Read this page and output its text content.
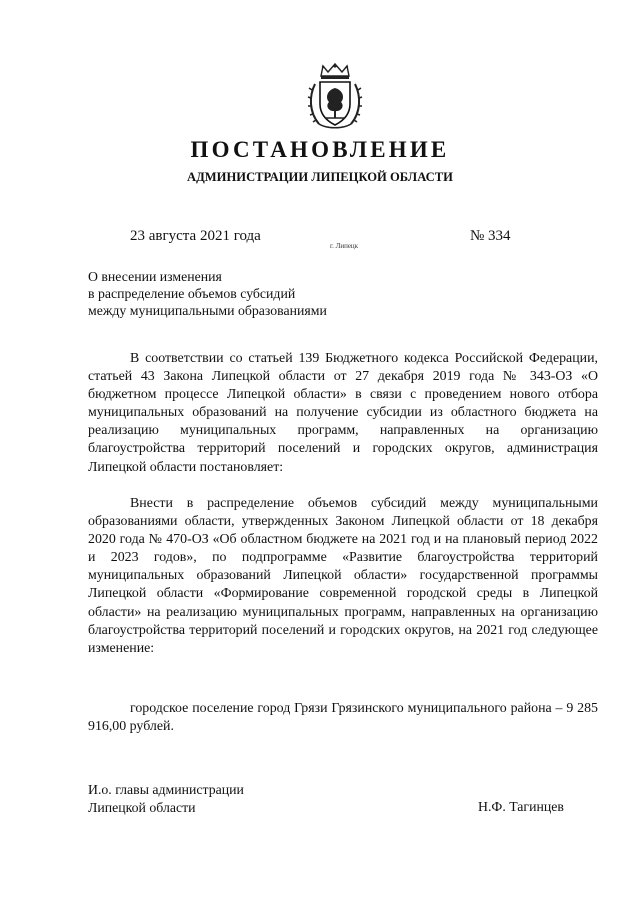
ПОСТАНОВЛЕНИЕ
АДМИНИСТРАЦИИ ЛИПЕЦКОЙ ОБЛАСТИ
23 августа 2021 года
г. Липецк
№ 334
О внесении изменения
в распределение объемов субсидий
между муниципальными образованиями

В соответствии со статьей 139 Бюджетного кодекса Российской Федерации, статьей 43 Закона Липецкой области от 27 декабря 2019 года № 343-ОЗ «О бюджетном процессе Липецкой области» в связи с проведением нового отбора муниципальных образований на получение субсидии из областного бюджета на реализацию муниципальных программ, направленных на организацию благоустройства территорий поселений и городских округов, администрация Липецкой области постановляет:

Внести в распределение объемов субсидий между муниципальными образованиями области, утвержденных Законом Липецкой области от 18 декабря 2020 года № 470-ОЗ «Об областном бюджете на 2021 год и на плановый период 2022 и 2023 годов», по подпрограмме «Развитие благоустройства территорий муниципальных образований Липецкой области» государственной программы Липецкой области «Формирование современной городской среды в Липецкой области» на реализацию муниципальных программ, направленных на организацию благоустройства территорий поселений и городских округов, на 2021 год следующее изменение:

городское поселение город Грязи Грязинского муниципального района – 9 285 916,00 рублей.

И.о. главы администрации
Липецкой области	Н.Ф. Тагинцев
